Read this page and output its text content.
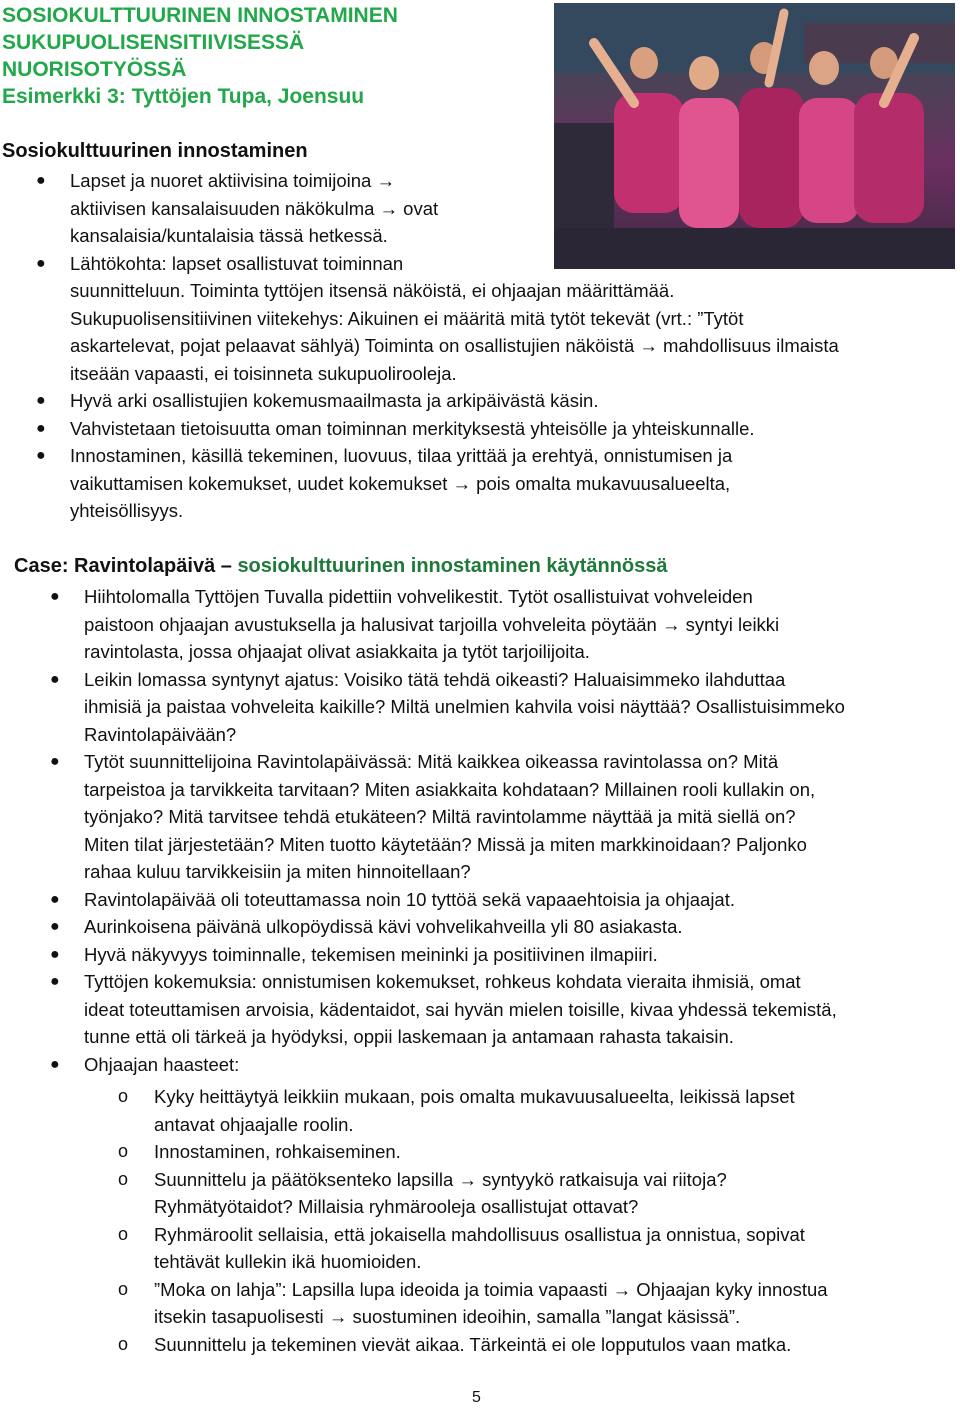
SOSIOKULTTUURINEN INNOSTAMINEN
SUKUPUOLISENSITIIVISESSÄ
NUORISOTYÖSSÄ
Esimerkki 3: Tyttöjen Tupa, Joensuu
Sosiokulttuurinen innostaminen
● Lapset ja nuoret aktiivisina toimijoina →
aktiivisen kansalaisuuden näkökulma → ovat
kansalaisia/kuntalaisia tässä hetkessä.
● Lähtökohta: lapset osallistuvat toiminnan
suunnitteluun. Toiminta tyttöjen itsensä näköistä, ei ohjaajan määrittämää.
Sukupuolisensitiivinen viitekehys: Aikuinen ei määritä mitä tytöt tekevät (vrt.: ”Tytöt
askartelevat, pojat pelaavat sählyä) Toiminta on osallistujien näköistä → mahdollisuus ilmaista
itseään vapaasti, ei toisinneta sukupuolirooleja.
● Hyvä arki osallistujien kokemusmaailmasta ja arkipäivästä käsin.
● Vahvistetaan tietoisuutta oman toiminnan merkityksestä yhteisölle ja yhteiskunnalle.
● Innostaminen, käsillä tekeminen, luovuus, tilaa yrittää ja erehtyä, onnistumisen ja
vaikuttamisen kokemukset, uudet kokemukset → pois omalta mukavuusalueelta,
yhteisöllisyys.
Case: Ravintolapäivä – sosiokulttuurinen innostaminen käytännössä
● Hiihtolomalla Tyttöjen Tuvalla pidettiin vohvelikestit. Tytöt osallistuivat vohveleiden
paistoon ohjaajan avustuksella ja halusivat tarjoilla vohveleita pöytään → syntyi leikki
ravintolasta, jossa ohjaajat olivat asiakkaita ja tytöt tarjoilijoita.
● Leikin lomassa syntynyt ajatus: Voisiko tätä tehdä oikeasti? Haluaisimmeko ilahduttaa
ihmisiä ja paistaa vohveleita kaikille? Miltä unelmien kahvila voisi näyttää? Osallistuisimmeko
Ravintolapäivään?
● Tytöt suunnittelijoina Ravintolapäivässä: Mitä kaikkea oikeassa ravintolassa on? Mitä
tarpeistoa ja tarvikkeita tarvitaan? Miten asiakkaita kohdataan? Millainen rooli kullakin on,
työnjako? Mitä tarvitsee tehdä etukäteen? Miltä ravintolamme näyttää ja mitä siellä on?
Miten tilat järjestetään? Miten tuotto käytetään? Missä ja miten markkinoidaan? Paljonko
rahaa kuluu tarvikkeisiin ja miten hinnoitellaan?
● Ravintolapäivää oli toteuttamassa noin 10 tyttöä sekä vapaaehtoisia ja ohjaajat.
● Aurinkoisena päivänä ulkopöydissä kävi vohvelikahveilla yli 80 asiakasta.
● Hyvä näkyvyys toiminnalle, tekemisen meininki ja positiivinen ilmapiiri.
● Tyttöjen kokemuksia: onnistumisen kokemukset, rohkeus kohdata vieraita ihmisiä, omat
ideat toteuttamisen arvoisia, kädentaidot, sai hyvän mielen toisille, kivaa yhdessä tekemistä,
tunne että oli tärkeä ja hyödyksi, oppii laskemaan ja antamaan rahasta takaisin.
● Ohjaajan haasteet:
o Kyky heittäytyä leikkiin mukaan, pois omalta mukavuusalueelta, leikissä lapset
antavat ohjaajalle roolin.
o Innostaminen, rohkaiseminen.
o Suunnittelu ja päätöksenteko lapsilla → syntyykö ratkaisuja vai riitoja?
Ryhmätyötaidot? Millaisia ryhmärooleja osallistujat ottavat?
o Ryhmäroolit sellaisia, että jokaisella mahdollisuus osallistua ja onnistua, sopivat
tehtävät kullekin ikä huomioiden.
o ”Moka on lahja”: Lapsilla lupa ideoida ja toimia vapaasti → Ohjaajan kyky innostua
itsekin tasapuolisesti → suostuminen ideoihin, samalla ”langat käsissä”.
o Suunnittelu ja tekeminen vievät aikaa. Tärkeintä ei ole lopputulos vaan matka.
5
